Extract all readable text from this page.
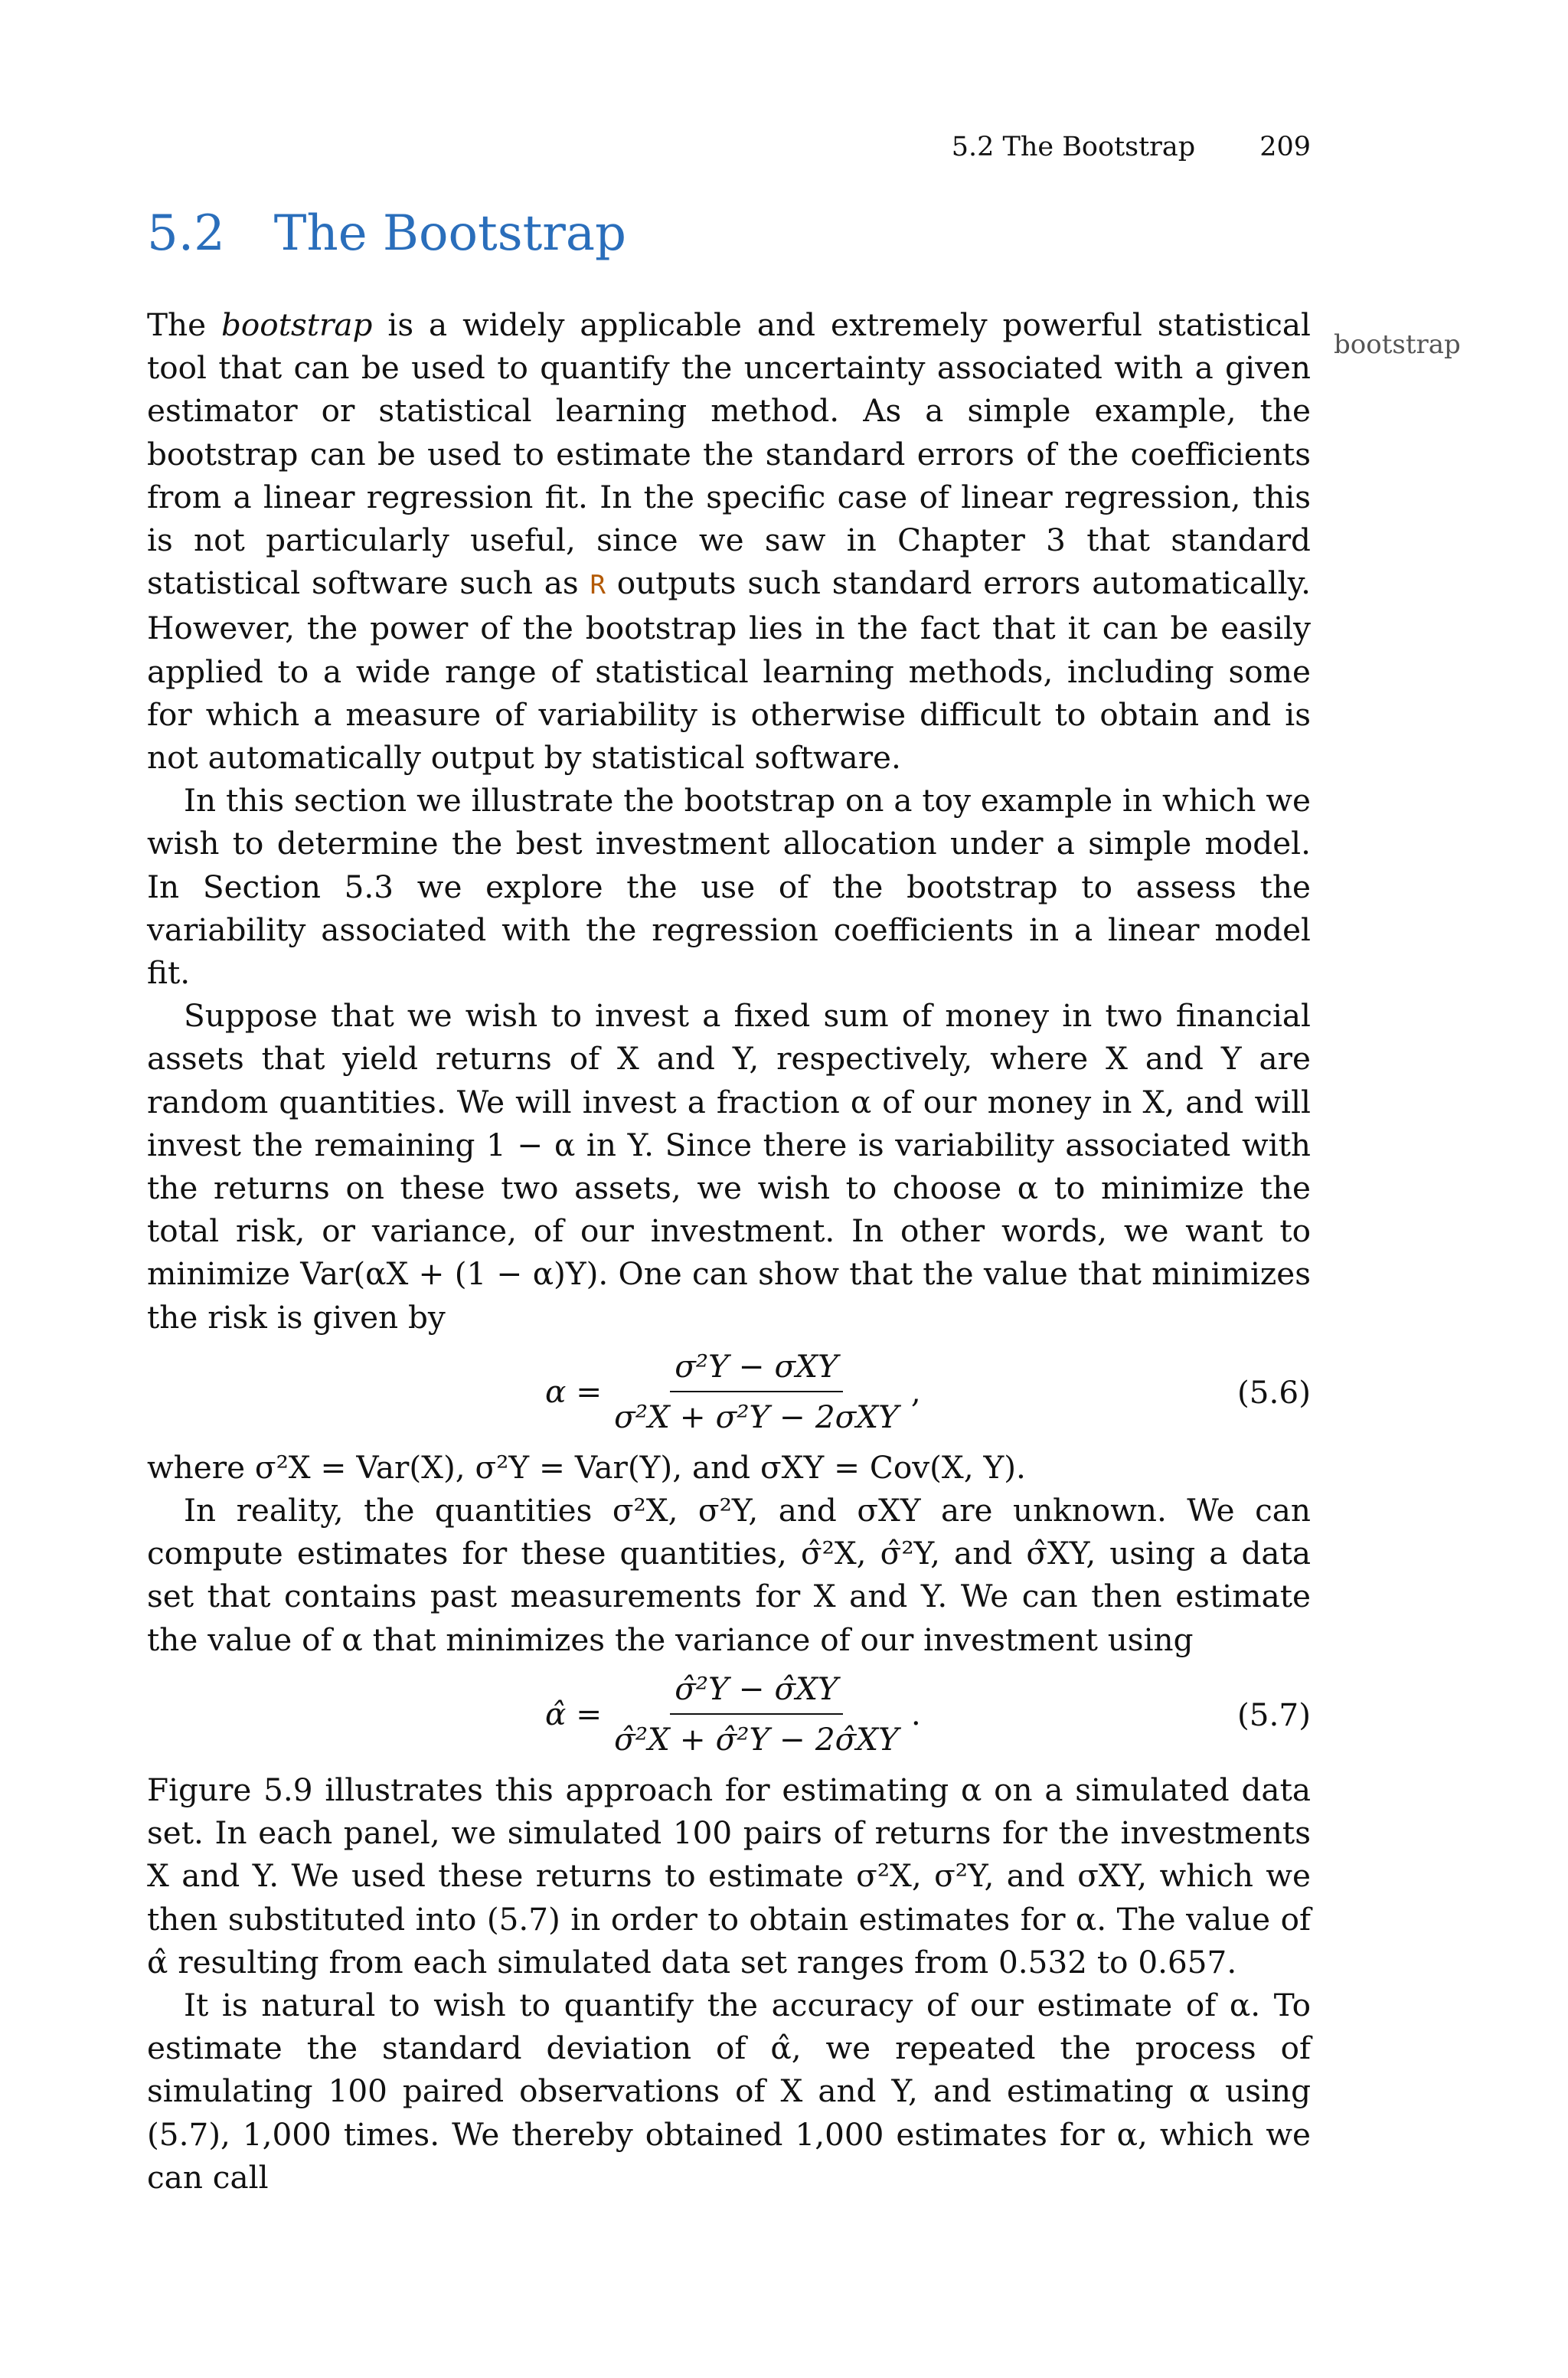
5.2 The Bootstrap 209
5.2 The Bootstrap
bootstrap

The bootstrap is a widely applicable and extremely powerful statistical tool that can be used to quantify the uncertainty associated with a given estimator or statistical learning method. As a simple example, the bootstrap can be used to estimate the standard errors of the coefficients from a linear regression fit. In the specific case of linear regression, this is not particularly useful, since we saw in Chapter 3 that standard statistical software such as R outputs such standard errors automatically. However, the power of the bootstrap lies in the fact that it can be easily applied to a wide range of statistical learning methods, including some for which a measure of variability is otherwise difficult to obtain and is not automatically output by statistical software.

In this section we illustrate the bootstrap on a toy example in which we wish to determine the best investment allocation under a simple model. In Section 5.3 we explore the use of the bootstrap to assess the variability associated with the regression coefficients in a linear model fit.

Suppose that we wish to invest a fixed sum of money in two financial assets that yield returns of X and Y, respectively, where X and Y are random quantities. We will invest a fraction α of our money in X, and will invest the remaining 1 − α in Y. Since there is variability associated with the returns on these two assets, we wish to choose α to minimize the total risk, or variance, of our investment. In other words, we want to minimize Var(αX + (1 − α)Y). One can show that the value that minimizes the risk is given by

$\alpha = \frac{\text{σ²Y − σXY}}{\text{σ²X + σ²Y − 2σXY}}$ ,	(5.6)

where σ²X = Var(X), σ²Y = Var(Y), and σXY = Cov(X, Y).

In reality, the quantities σ²X, σ²Y, and σXY are unknown. We can compute estimates for these quantities, σ̂²X, σ̂²Y, and σ̂XY, using a data set that contains past measurements for X and Y. We can then estimate the value of α that minimizes the variance of our investment using

α̂ = $\frac{\text{σ̂²Y − σ̂XY}}{\text{σ̂²X + σ̂²Y − 2σ̂XY}}$ .	(5.7)

Figure 5.9 illustrates this approach for estimating α on a simulated data set. In each panel, we simulated 100 pairs of returns for the investments X and Y. We used these returns to estimate σ²X, σ²Y, and σXY, which we then substituted into (5.7) in order to obtain estimates for α. The value of α̂ resulting from each simulated data set ranges from 0.532 to 0.657.

It is natural to wish to quantify the accuracy of our estimate of α. To estimate the standard deviation of α̂, we repeated the process of simulating 100 paired observations of X and Y, and estimating α using (5.7), 1,000 times. We thereby obtained 1,000 estimates for α, which we can call
